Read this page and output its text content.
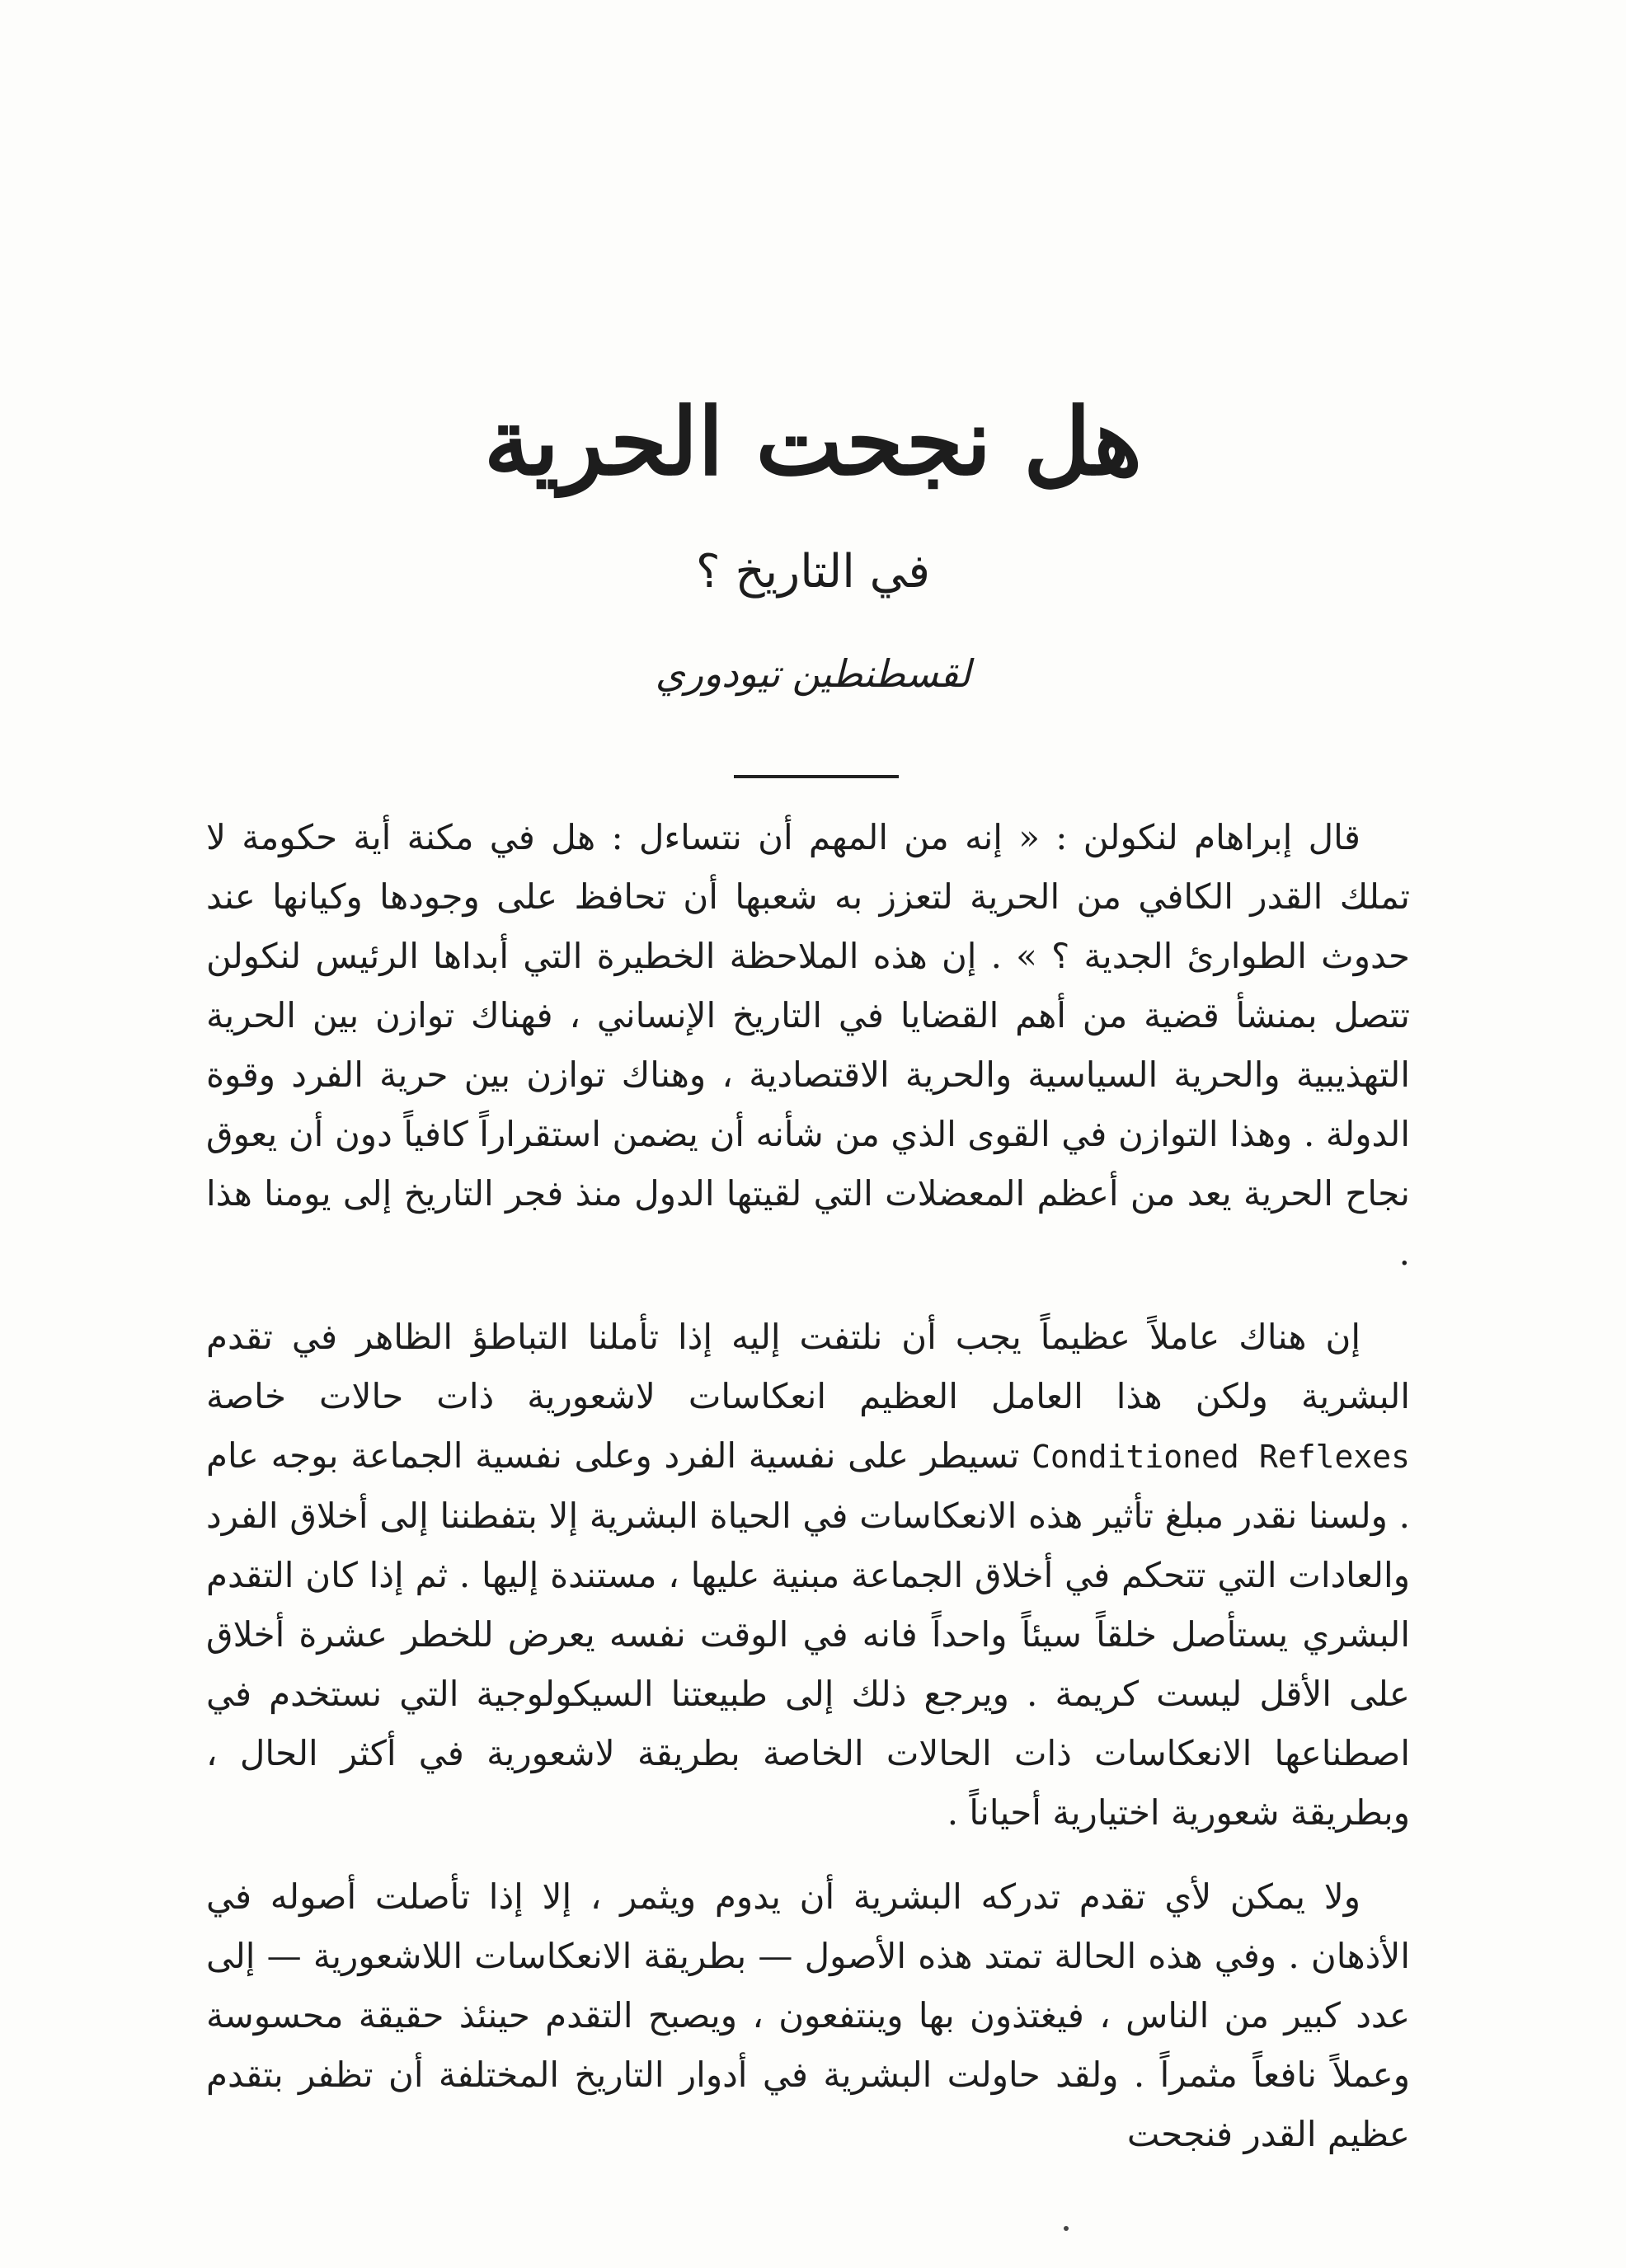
هل نجحت الحرية
في التاريخ ؟
لقسطنطين تيودوري

قال إبراهام لنكولن : « إنه من المهم أن نتساءل : هل في مكنة أية حكومة لا تملك القدر الكافي من الحرية لتعزز به شعبها أن تحافظ على وجودها وكيانها عند حدوث الطوارئ الجدية ؟ » . إن هذه الملاحظة الخطيرة التي أبداها الرئيس لنكولن تتصل بمنشأ قضية من أهم القضايا في التاريخ الإنساني ، فهناك توازن بين الحرية التهذيبية والحرية السياسية والحرية الاقتصادية ، وهناك توازن بين حرية الفرد وقوة الدولة . وهذا التوازن في القوى الذي من شأنه أن يضمن استقراراً كافياً دون أن يعوق نجاح الحرية يعد من أعظم المعضلات التي لقيتها الدول منذ فجر التاريخ إلى يومنا هذا .

إن هناك عاملاً عظيماً يجب أن نلتفت إليه إذا تأملنا التباطؤ الظاهر في تقدم البشرية ولكن هذا العامل العظيم انعكاسات لاشعورية ذات حالات خاصة Conditioned Reflexes تسيطر على نفسية الفرد وعلى نفسية الجماعة بوجه عام . ولسنا نقدر مبلغ تأثير هذه الانعكاسات في الحياة البشرية إلا بتفطننا إلى أخلاق الفرد والعادات التي تتحكم في أخلاق الجماعة مبنية عليها ، مستندة إليها . ثم إذا كان التقدم البشري يستأصل خلقاً سيئاً واحداً فانه في الوقت نفسه يعرض للخطر عشرة أخلاق على الأقل ليست كريمة . ويرجع ذلك إلى طبيعتنا السيكولوجية التي نستخدم في اصطناعها الانعكاسات ذات الحالات الخاصة بطريقة لاشعورية في أكثر الحال ، وبطريقة شعورية اختيارية أحياناً .

ولا يمكن لأي تقدم تدركه البشرية أن يدوم ويثمر ، إلا إذا تأصلت أصوله في الأذهان . وفي هذه الحالة تمتد هذه الأصول — بطريقة الانعكاسات اللاشعورية — إلى عدد كبير من الناس ، فيغتذون بها وينتفعون ، ويصبح التقدم حينئذ حقيقة محسوسة وعملاً نافعاً مثمراً . ولقد حاولت البشرية في أدوار التاريخ المختلفة أن تظفر بتقدم عظيم القدر فنجحت
